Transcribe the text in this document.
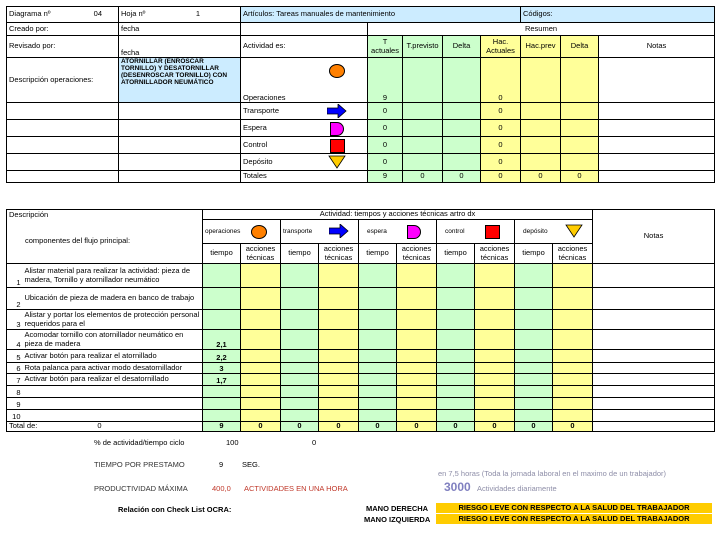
Diagrama nº 04	Hoja nº 1	Artículos: Tareas manuales de mantenimiento					Códigos:		
Creado por:	fecha		Resumen						
Revisado por:	fecha	Actividad es:	T actuales	T.previsto	Delta	Hac. Actuales	Hac.prev	Delta	Notas
Descripción operaciones:	ATORNILLAR (ENROSCAR TORNILLO) Y DESATORNILLAR (DESENROSCAR TORNILLO) CON ATORNILLADOR NEUMÁTICO	Operaciones	9			0			
		Transporte	0			0			
		Espera	0			0			
		Control	0			0			
		Depósito	0			0			
		Totales	9	0	0	0	0	0	
Descripción		Actividad: tiempos y acciones técnicas artro dx										Notas
componentes del flujo principal:		operaciones		transporte		espera		control		depósito		

		tiempo	acciones técnicas	tiempo	acciones técnicas	tiempo	acciones técnicas	tiempo	acciones técnicas	tiempo	acciones técnicas	
1	Alistar material para realizar la actividad: pieza de madera, Tornillo y atornillador neumático											
2	Ubicación de pieza de madera en banco de trabajo											
3	Alistar y portar los elementos de protección personal requeridos para el											
4	Acomodar tornillo con atornillador neumático en pieza de madera	2,1										
5	Activar botón para realizar el atornillado	2,2										
6	Rota palanca para activar modo desatornillador	3										
7	Activar botón para realizar el desatornillado	1,7										
8												
9												
10												
Total de: 0		9	0	0	0	0	0	0	0	0	0	
% de actividad/tiempo ciclo	100	0
TIEMPO POR PRESTAMO	9	SEG.
en 7,5 horas (Toda la jornada laboral en el maximo de un trabajador)
PRODUCTIVIDAD MÁXIMA	400,0 ACTIVIDADES EN UNA HORA	3000 Actividades diariamente
Relación con Check List OCRA:	MANO DERECHA
MANO IZQUIERDA
RIESGO LEVE CON RESPECTO A LA SALUD DEL TRABAJADOR
RIESGO LEVE CON RESPECTO A LA SALUD DEL TRABAJADOR
